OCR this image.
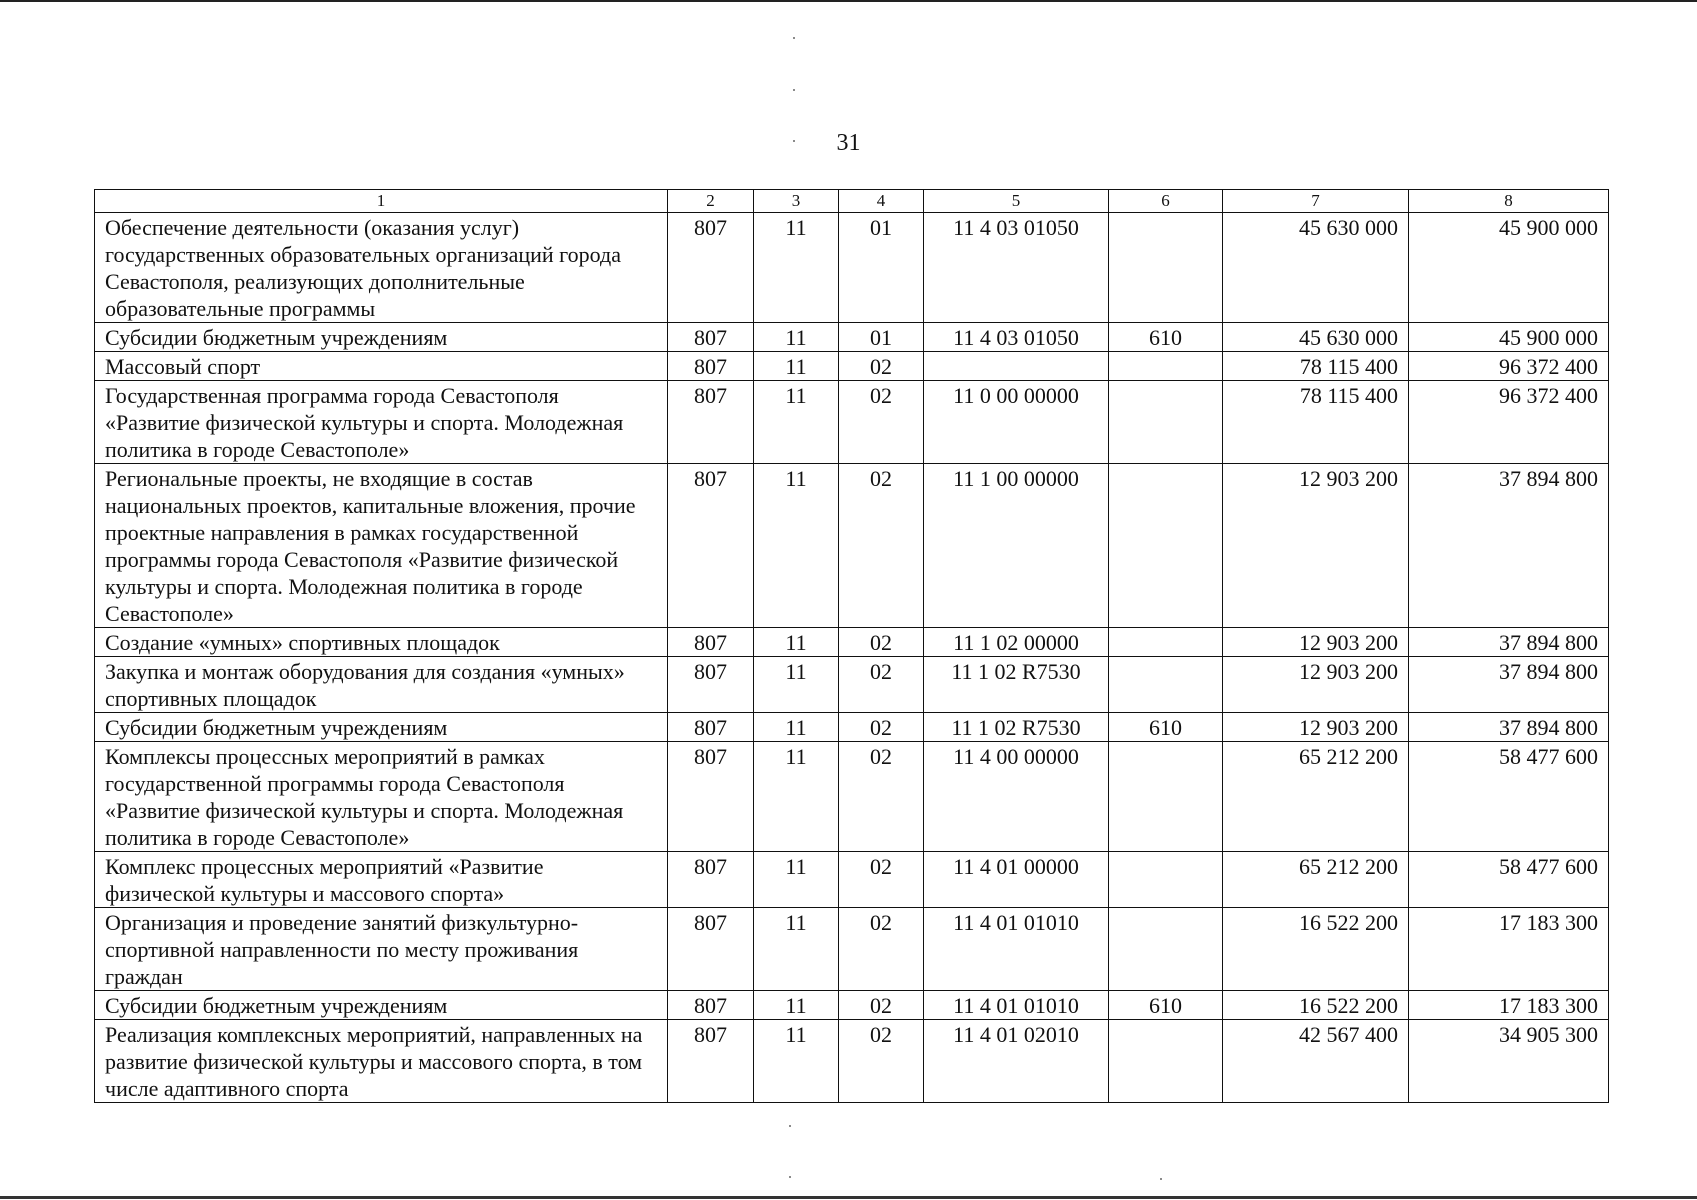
31
1	2	3	4	5	6	7	8
Обеспечение деятельности (оказания услуг) государственных образовательных организаций города Севастополя, реализующих дополнительные образовательные программы	807	11	01	11 4 03 01050		45 630 000	45 900 000
Субсидии бюджетным учреждениям	807	11	01	11 4 03 01050	610	45 630 000	45 900 000
Массовый спорт	807	11	02			78 115 400	96 372 400
Государственная программа города Севастополя «Развитие физической культуры и спорта. Молодежная политика в городе Севастополе»	807	11	02	11 0 00 00000		78 115 400	96 372 400
Региональные проекты, не входящие в состав национальных проектов, капитальные вложения, прочие проектные направления в рамках государственной программы города Севастополя «Развитие физической культуры и спорта. Молодежная политика в городе Севастополе»	807	11	02	11 1 00 00000		12 903 200	37 894 800
Создание «умных» спортивных площадок	807	11	02	11 1 02 00000		12 903 200	37 894 800
Закупка и монтаж оборудования для создания «умных» спортивных площадок	807	11	02	11 1 02 R7530		12 903 200	37 894 800
Субсидии бюджетным учреждениям	807	11	02	11 1 02 R7530	610	12 903 200	37 894 800
Комплексы процессных мероприятий в рамках государственной программы города Севастополя «Развитие физической культуры и спорта. Молодежная политика в городе Севастополе»	807	11	02	11 4 00 00000		65 212 200	58 477 600
Комплекс процессных мероприятий «Развитие физической культуры и массового спорта»	807	11	02	11 4 01 00000		65 212 200	58 477 600
Организация и проведение занятий физкультурно-спортивной направленности по месту проживания граждан	807	11	02	11 4 01 01010		16 522 200	17 183 300
Субсидии бюджетным учреждениям	807	11	02	11 4 01 01010	610	16 522 200	17 183 300
Реализация комплексных мероприятий, направленных на развитие физической культуры и массового спорта, в том числе адаптивного спорта	807	11	02	11 4 01 02010		42 567 400	34 905 300
